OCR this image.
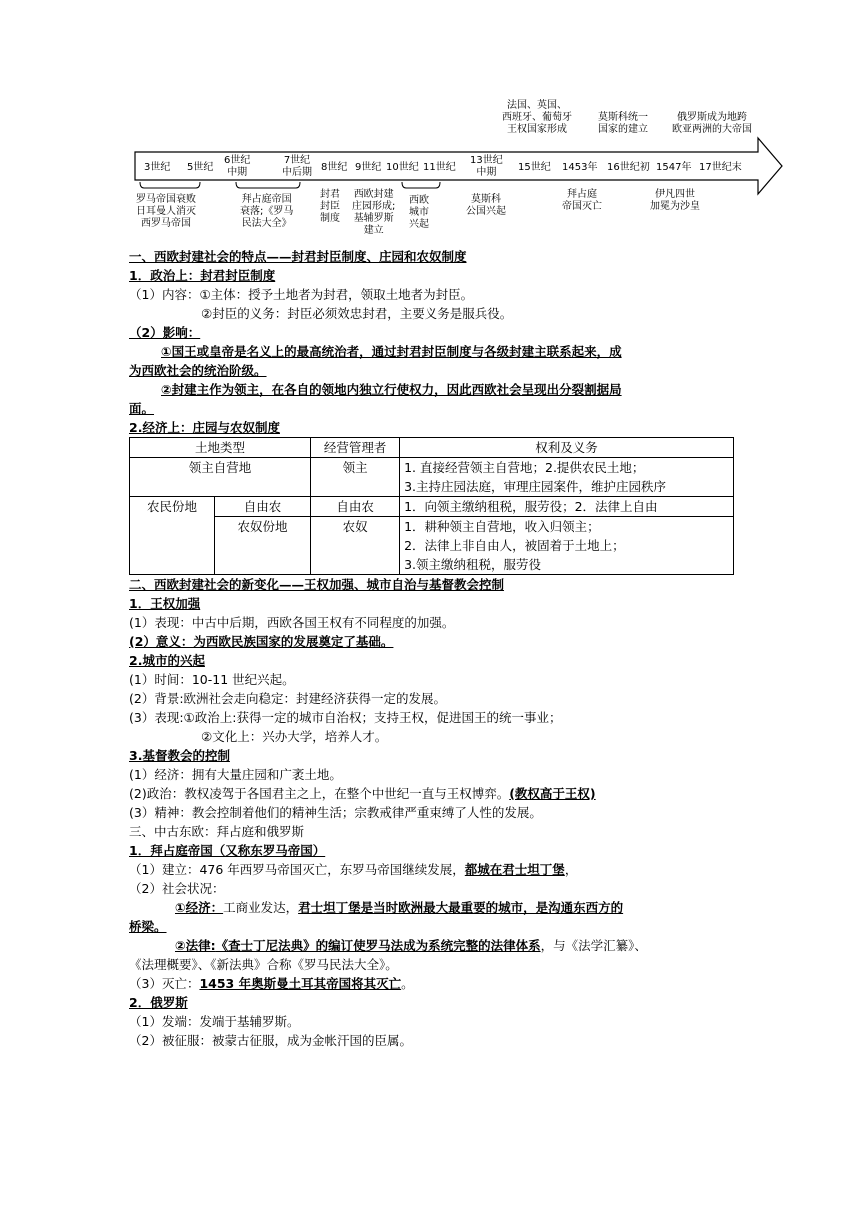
3世纪 5世纪
6世纪
中期
7世纪
中后期 8世纪 9世纪 10世纪 11世纪
13世纪
中期	15世纪 1453年 16世纪初 1547年 17世纪末
法国、英国、
西班牙、葡萄牙
王权国家形成
莫斯科统一
国家的建立
俄罗斯成为地跨
欧亚两洲的大帝国
罗马帝国衰败
日耳曼人消灭
西罗马帝国
拜占庭帝国
衰落;《罗马
民法大全》
封君
封臣
制度
西欧封建
庄园形成;
基辅罗斯
建立
西欧
城市
兴起
莫斯科
公国兴起
拜占庭
帝国灭亡
伊凡四世
加冕为沙皇
一、西欧封建社会的特点——封君封臣制度、庄园和农奴制度
1．政治上：封君封臣制度
（1）内容：①主体：授予土地者为封君，领取土地者为封臣。
②封臣的义务：封臣必须效忠封君，主要义务是服兵役。
（2）影响：
①国王或皇帝是名义上的最高统治者，通过封君封臣制度与各级封建主联系起来，成
为西欧社会的统治阶级。
②封建主作为领主，在各自的领地内独立行使权力，因此西欧社会呈现出分裂割据局
面。
2.经济上：庄园与农奴制度
土地类型		经营管理者	权利及义务
领主自营地		领主	1. 直接经营领主自营地；2.提供农民土地；
3.主持庄园法庭，审理庄园案件，维护庄园秩序

农民份地	自由农	自由农	1．向领主缴纳租税，服劳役；2．法律上自由
	农奴份地	农奴	1．耕种领主自营地，收入归领主；
2．法律上非自由人，被固着于土地上；
3.领主缴纳租税，服劳役
二、西欧封建社会的新变化——王权加强、城市自治与基督教会控制
1．王权加强
(1）表现：中古中后期，西欧各国王权有不同程度的加强。
(2）意义：为西欧民族国家的发展奠定了基础。
2.城市的兴起
(1）时间：10-11 世纪兴起。
(2）背景:欧洲社会走向稳定：封建经济获得一定的发展。
(3）表现:①政治上:获得一定的城市自治权；支持王权，促进国王的统一事业；
②文化上：兴办大学，培养人才。
3.基督教会的控制
(1）经济：拥有大量庄园和广袤土地。
(2)政治：教权凌驾于各国君主之上，在整个中世纪一直与王权博弈。(教权高于王权)
(3）精神：教会控制着他们的精神生活；宗教戒律严重束缚了人性的发展。
三、中古东欧：拜占庭和俄罗斯
1．拜占庭帝国（又称东罗马帝国）
（1）建立：476 年西罗马帝国灭亡，东罗马帝国继续发展，都城在君士坦丁堡，
（2）社会状况：
①经济：工商业发达，君士坦丁堡是当时欧洲最大最重要的城市，是沟通东西方的
桥梁。
②法律:《查士丁尼法典》的编订使罗马法成为系统完整的法律体系，与《法学汇纂》、
《法理概要》、《新法典》合称《罗马民法大全》。
（3）灭亡：1453 年奥斯曼土耳其帝国将其灭亡。
2．俄罗斯
（1）发端：发端于基辅罗斯。
（2）被征服：被蒙古征服，成为金帐汗国的臣属。
